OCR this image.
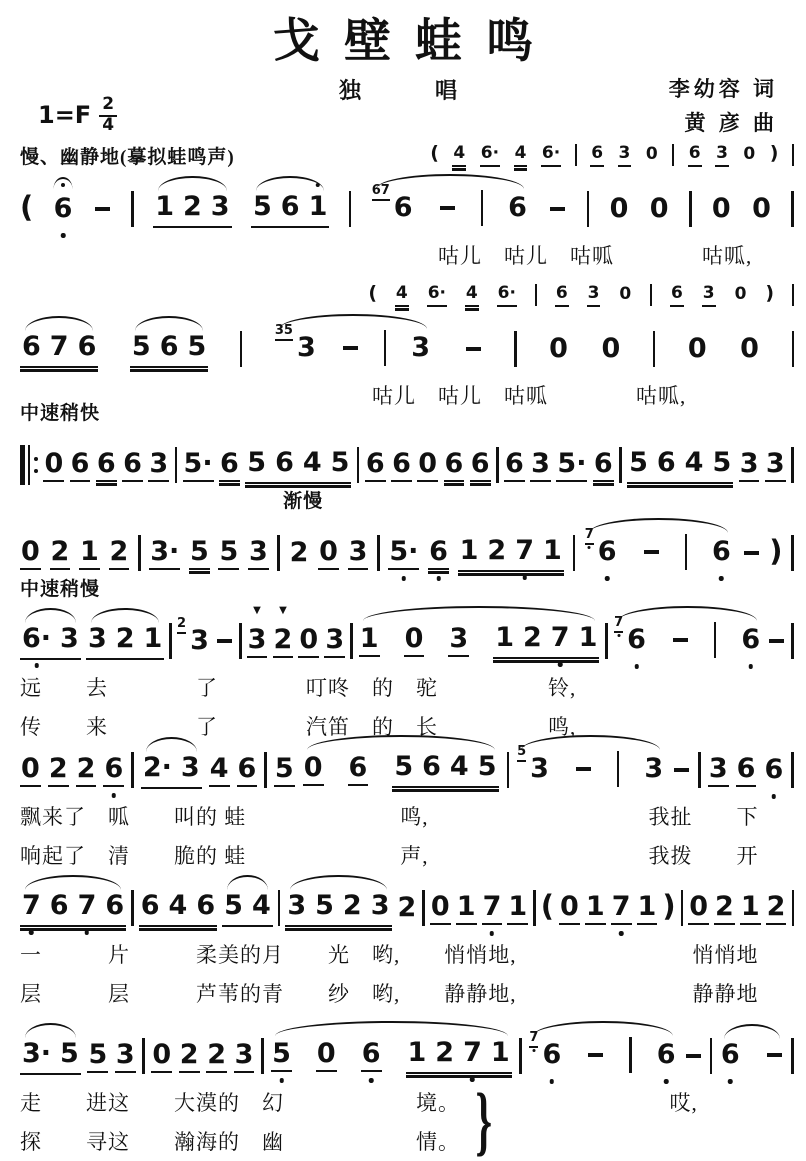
戈壁蛙鸣
独　　唱	李幼容 词
黄 彦 曲
$1=F \frac{2}{4}$
慢、幽静地(摹拟蛙鸣声)	( 4 6· 4 6· 6 3 0 6 3 0 )
( 6	1 2 3 5 6 1
67
6	6	0 0 0 0
　　　　　　　　　　　　　　　　　　　咕儿　咕儿　咕呱　　　　咕呱,

( 4 6· 4 6· 6 3 0 6 3 0 )
6 7 6 5 6 5
35
3	3	0 0	0 0
　　　　　　　　　　　　　　　　咕儿　咕儿　咕呱　　　　咕呱,
中速稍快
0 6 6 6 3 5· 6 5 6 4 5 6 6 0 6 6 6 3 5· 6 5 6 4 5 3 3
渐慢
0 2 1 2 3· 5 5 3 2 0 3 5· 6 1 2 7 1
7
6	6 )
中速稍慢
6· 3 3 2 1 2
3 3
▼
2
▼
0 3 1 0 3 1 2 7 1 7
6	6
远　　去　　　　了　　　　叮咚　的　驼　　　　　铃,
传　　来　　　　了　　　　汽笛　的　长　　　　　鸣,
0 2 2 6 2· 3 4 6 5 0 6 5 6 4 5 5
3	3 3 6 6
飘来了　呱　　叫的 蛙　　　　　　　鸣,　　　　　　　　　　我扯　　下
响起了　清　　脆的 蛙　　　　　　　声,　　　　　　　　　　我拨　　开
7 6 7 6 6 4 6 5 4 3 5 2 3 2 0 1 7 1 ( 0 1 7 1 ) 0 2 1 2
一　　　片　　　柔美的月　　光　哟,　　悄悄地,　　　　　　　　悄悄地
层　　　层　　　芦苇的青　　纱　哟,　　静静地,　　　　　　　　静静地
3· 5 5 3 0 2 2 3 5 0 6 1 2 7 1 7
6	6 6
走　　进这　　大漠的　幻　　　　　　境。　　　　　　　　　　哎,
探　　寻这　　瀚海的　幽　　　　　　情。 }
